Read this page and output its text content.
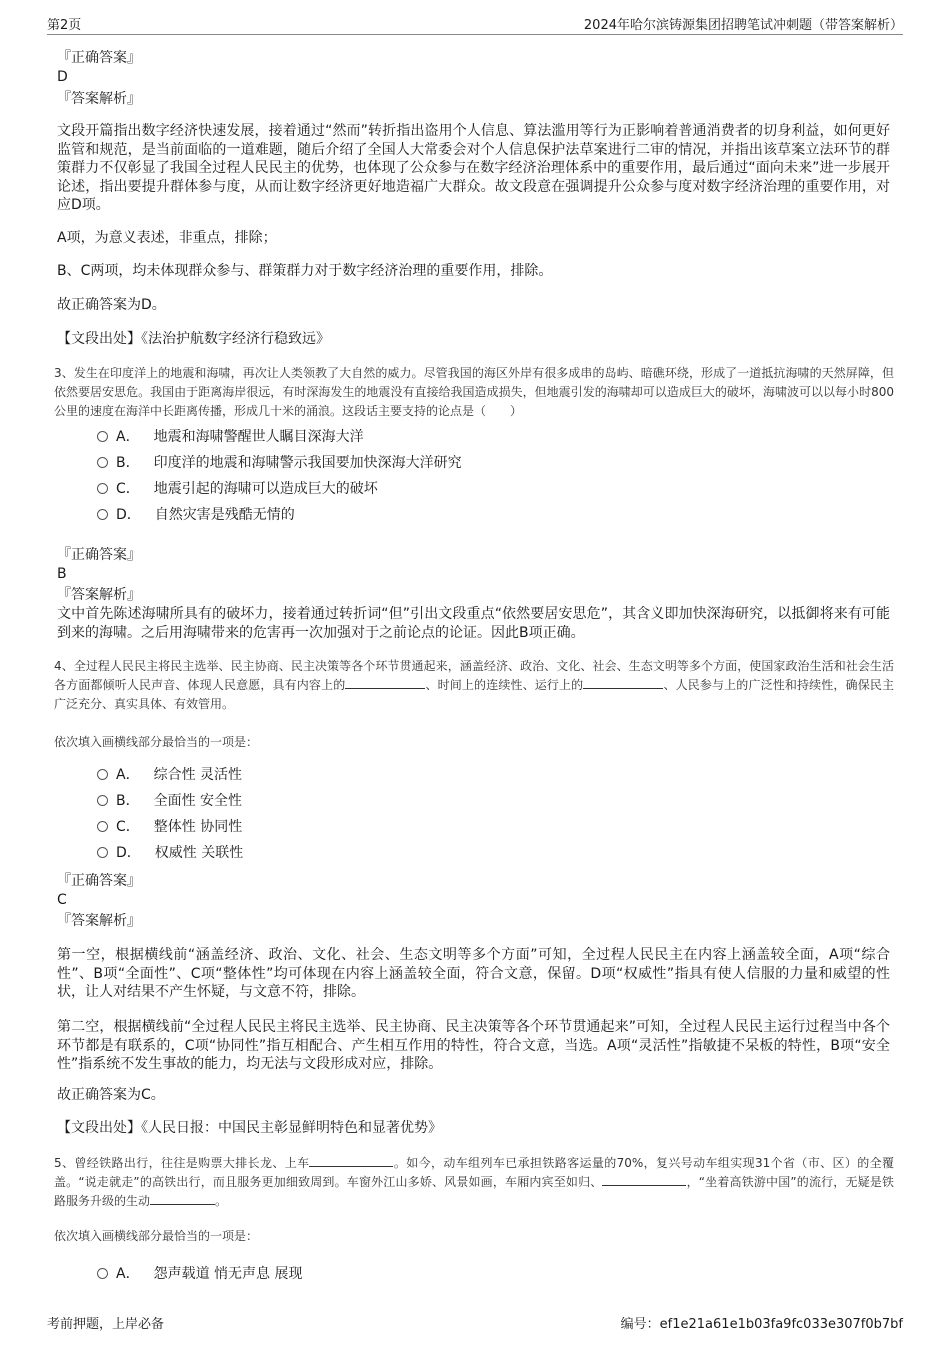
第2页	2024年哈尔滨铸源集团招聘笔试冲刺题（带答案解析）
『正确答案』
D
『答案解析』
文段开篇指出数字经济快速发展，接着通过“然而”转折指出盗用个人信息、算法滥用等行为正影响着普通消费者的切身利益，如何更好监管和规范，是当前面临的一道难题，随后介绍了全国人大常委会对个人信息保护法草案进行二审的情况，并指出该草案立法环节的群策群力不仅彰显了我国全过程人民民主的优势，也体现了公众参与在数字经济治理体系中的重要作用，最后通过“面向未来”进一步展开论述，指出要提升群体参与度，从而让数字经济更好地造福广大群众。故文段意在强调提升公众参与度对数字经济治理的重要作用，对应D项。
A项，为意义表述，非重点，排除；
B、C两项，均未体现群众参与、群策群力对于数字经济治理的重要作用，排除。
故正确答案为D。
【文段出处】《法治护航数字经济行稳致远》
3、发生在印度洋上的地震和海啸，再次让人类领教了大自然的威力。尽管我国的海区外岸有很多成串的岛屿、暗礁环绕，形成了一道抵抗海啸的天然屏障，但依然要居安思危。我国由于距离海岸很远，有时深海发生的地震没有直接给我国造成损失，但地震引发的海啸却可以造成巨大的破坏，海啸波可以以每小时800公里的速度在海洋中长距离传播，形成几十米的涌浪。这段话主要支持的论点是（　　）
A． 地震和海啸警醒世人瞩目深海大洋
B． 印度洋的地震和海啸警示我国要加快深海大洋研究
C． 地震引起的海啸可以造成巨大的破坏
D． 自然灾害是残酷无情的
『正确答案』
B
『答案解析』
文中首先陈述海啸所具有的破坏力，接着通过转折词“但”引出文段重点“依然要居安思危”，其含义即加快深海研究，以抵御将来有可能到来的海啸。之后用海啸带来的危害再一次加强对于之前论点的论证。因此B项正确。
4、全过程人民民主将民主选举、民主协商、民主决策等各个环节贯通起来，涵盖经济、政治、文化、社会、生态文明等多个方面，使国家政治生活和社会生活各方面都倾听人民声音、体现人民意愿，具有内容上的	、时间上的连续性、运行上的	、人民参与上的广泛性和持续性，确保民主广泛充分、真实具体、有效管用。
依次填入画横线部分最恰当的一项是：
A． 综合性 灵活性
B． 全面性 安全性
C． 整体性 协同性
D． 权威性 关联性
『正确答案』
C
『答案解析』
第一空，根据横线前“涵盖经济、政治、文化、社会、生态文明等多个方面”可知，全过程人民民主在内容上涵盖较全面，A项“综合性”、B项“全面性”、C项“整体性”均可体现在内容上涵盖较全面，符合文意，保留。D项“权威性”指具有使人信服的力量和威望的性状，让人对结果不产生怀疑，与文意不符，排除。
第二空，根据横线前“全过程人民民主将民主选举、民主协商、民主决策等各个环节贯通起来”可知，全过程人民民主运行过程当中各个环节都是有联系的，C项“协同性”指互相配合、产生相互作用的特性，符合文意，当选。A项“灵活性”指敏捷不呆板的特性，B项“安全性”指系统不发生事故的能力，均无法与文段形成对应，排除。
故正确答案为C。
【文段出处】《人民日报：中国民主彰显鲜明特色和显著优势》
5、曾经铁路出行，往往是购票大排长龙、上车	。如今，动车组列车已承担铁路客运量的70%，复兴号动车组实现31个省（市、区）的全覆盖。“说走就走”的高铁出行，而且服务更加细致周到。车窗外江山多娇、风景如画，车厢内宾至如归、	，“坐着高铁游中国”的流行，无疑是铁路服务升级的生动	。
依次填入画横线部分最恰当的一项是：
A． 怨声载道 悄无声息 展现
考前押题，上岸必备	编号：ef1e21a61e1b03fa9fc033e307f0b7bf
